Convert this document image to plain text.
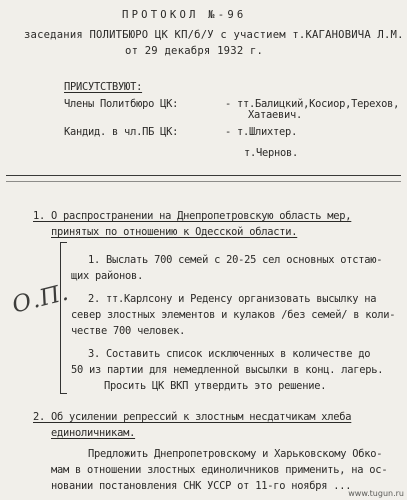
ПРОТОКОЛ №-96
заседания ПОЛИТБЮРО ЦК КП/б/У с участием т.КАГАНОВИЧА Л.М.
от 29 декабря 1932 г.
ПРИСУТСТВУЮТ:
Члены Политбюро ЦК:	- тт.Балицкий,Косиор,Терехов,
Хатаевич.
Кандид. в чл.ПБ ЦК:	- т.Шлихтер.
т.Чернов.
1. О распространении на Днепропетровскую область мер,
принятых по отношению к Одесской области.
О.П.
1. Выслать 700 семей с 20-25 сел основных отстаю-
щих районов.
2. тт.Карлсону и Реденсу организовать высылку на
север злостных элементов и кулаков /без семей/ в коли-
честве 700 человек.
3. Составить список исключенных в количестве до
50 из партии для немедленной высылки в конц. лагерь.
Просить ЦК ВКП утвердить это решение.
2. Об усилении репрессий к злостным несдатчикам хлеба
единоличникам.
Предложить Днепропетровскому и Харьковскому Обко-
мам в отношении злостных единоличников применить, на ос-
новании постановления СНК УССР от 11-го ноября ...
www.tugun.ru
